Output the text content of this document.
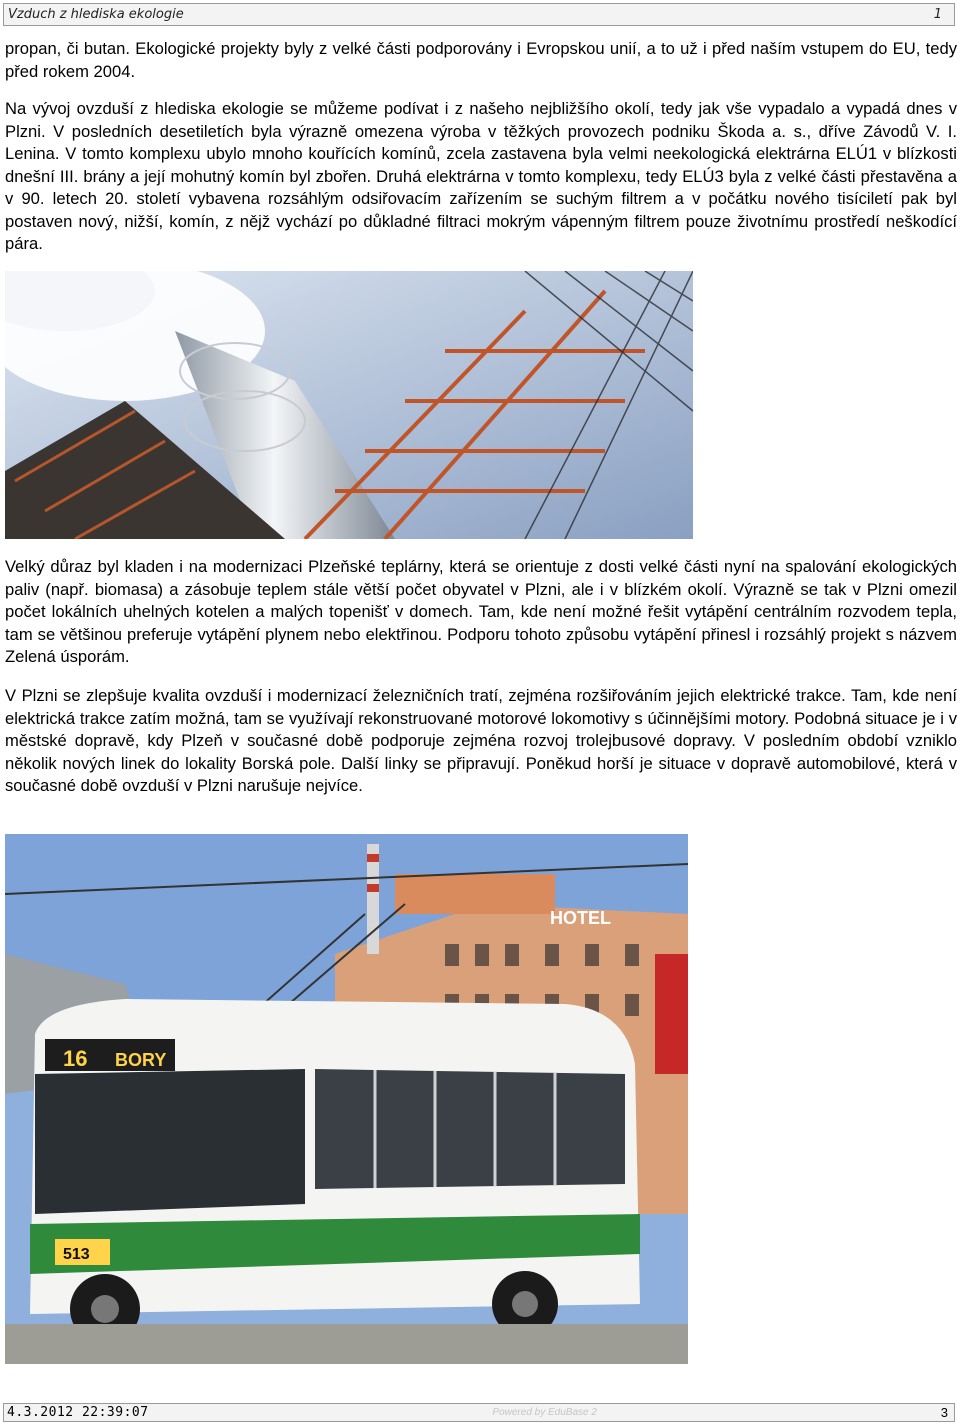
Vzduch z hlediska ekologie	1

propan, či butan. Ekologické projekty byly z velké části podporovány i Evropskou unií, a to už i před naším vstupem do EU, tedy před rokem 2004.

Na vývoj ovzduší z hlediska ekologie se můžeme podívat i z našeho nejbližšího okolí, tedy jak vše vypadalo a vypadá dnes v Plzni. V posledních desetiletích byla výrazně omezena výroba v těžkých provozech podniku Škoda a. s., dříve Závodů V. I. Lenina. V tomto komplexu ubylo mnoho kouřících komínů, zcela zastavena byla velmi neekologická elektrárna ELÚ1 v blízkosti dnešní III. brány a její mohutný komín byl zbořen. Druhá elektrárna v tomto komplexu, tedy ELÚ3 byla z velké části přestavěna a v 90. letech 20. století vybavena rozsáhlým odsiřovacím zařízením se suchým filtrem a v počátku nového tisíciletí pak byl postaven nový, nižší, komín, z nějž vychází po důkladné filtraci mokrým vápenným filtrem pouze životnímu prostředí neškodící pára.

Velký důraz byl kladen i na modernizaci Plzeňské teplárny, která se orientuje z dosti velké části nyní na spalování ekologických paliv (např. biomasa) a zásobuje teplem stále větší počet obyvatel v Plzni, ale i v blízkém okolí. Výrazně se tak v Plzni omezil počet lokálních uhelných kotelen a malých topenišť v domech. Tam, kde není možné řešit vytápění centrálním rozvodem tepla, tam se většinou preferuje vytápění plynem nebo elektřinou. Podporu tohoto způsobu vytápění přinesl i rozsáhlý projekt s názvem Zelená úsporám.

V Plzni se zlepšuje kvalita ovzduší i modernizací železničních tratí, zejména rozšiřováním jejich elektrické trakce. Tam, kde není elektrická trakce zatím možná, tam se využívají rekonstruované motorové lokomotivy s účinnějšími motory. Podobná situace je i v městské dopravě, kdy Plzeň v současné době podporuje zejména rozvoj trolejbusové dopravy. V posledním období vzniklo několik nových linek do lokality Borská pole. Další linky se připravují. Poněkud horší je situace v dopravě automobilové, která v současné době ovzduší v Plzni narušuje nejvíce.

HOTEL
16 BORY
513
4.3.2012 22:39:07	Powered by EduBase 2	3
